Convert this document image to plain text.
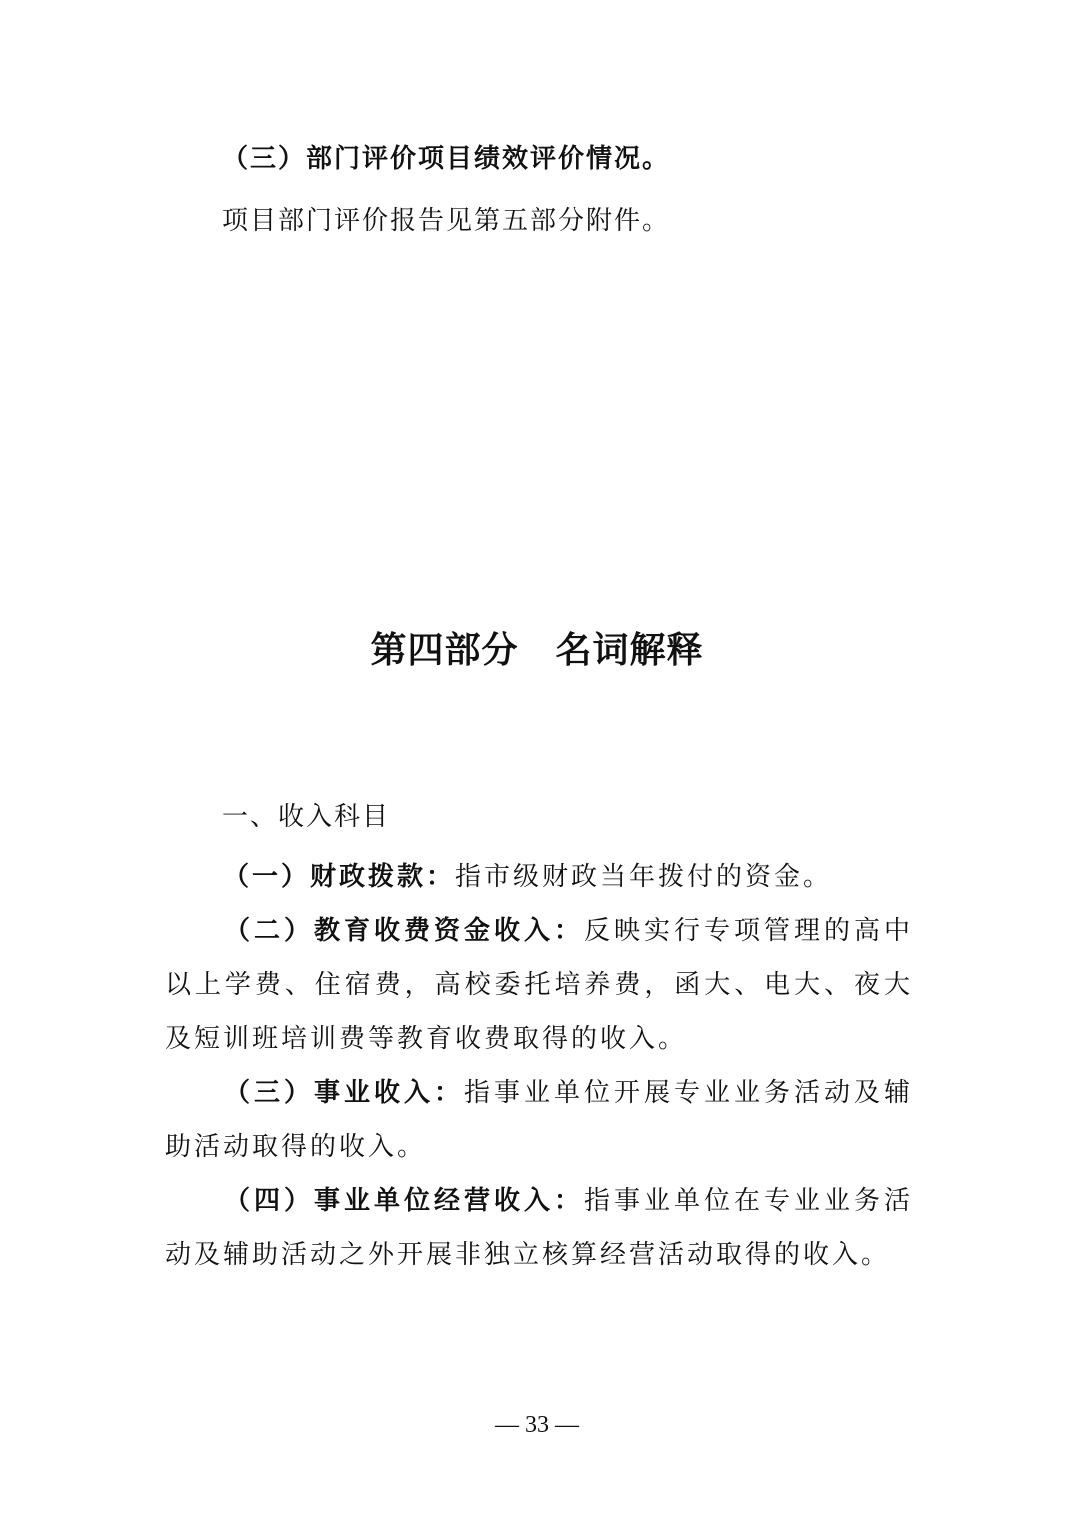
（三）部门评价项目绩效评价情况。
项目部门评价报告见第五部分附件。
第四部分　名词解释
一、收入科目
（一）财政拨款：指市级财政当年拨付的资金。
（二）教育收费资金收入：反映实行专项管理的高中以上学费、住宿费，高校委托培养费，函大、电大、夜大及短训班培训费等教育收费取得的收入。
（三）事业收入：指事业单位开展专业业务活动及辅助活动取得的收入。
（四）事业单位经营收入：指事业单位在专业业务活动及辅助活动之外开展非独立核算经营活动取得的收入。
— 33 —
